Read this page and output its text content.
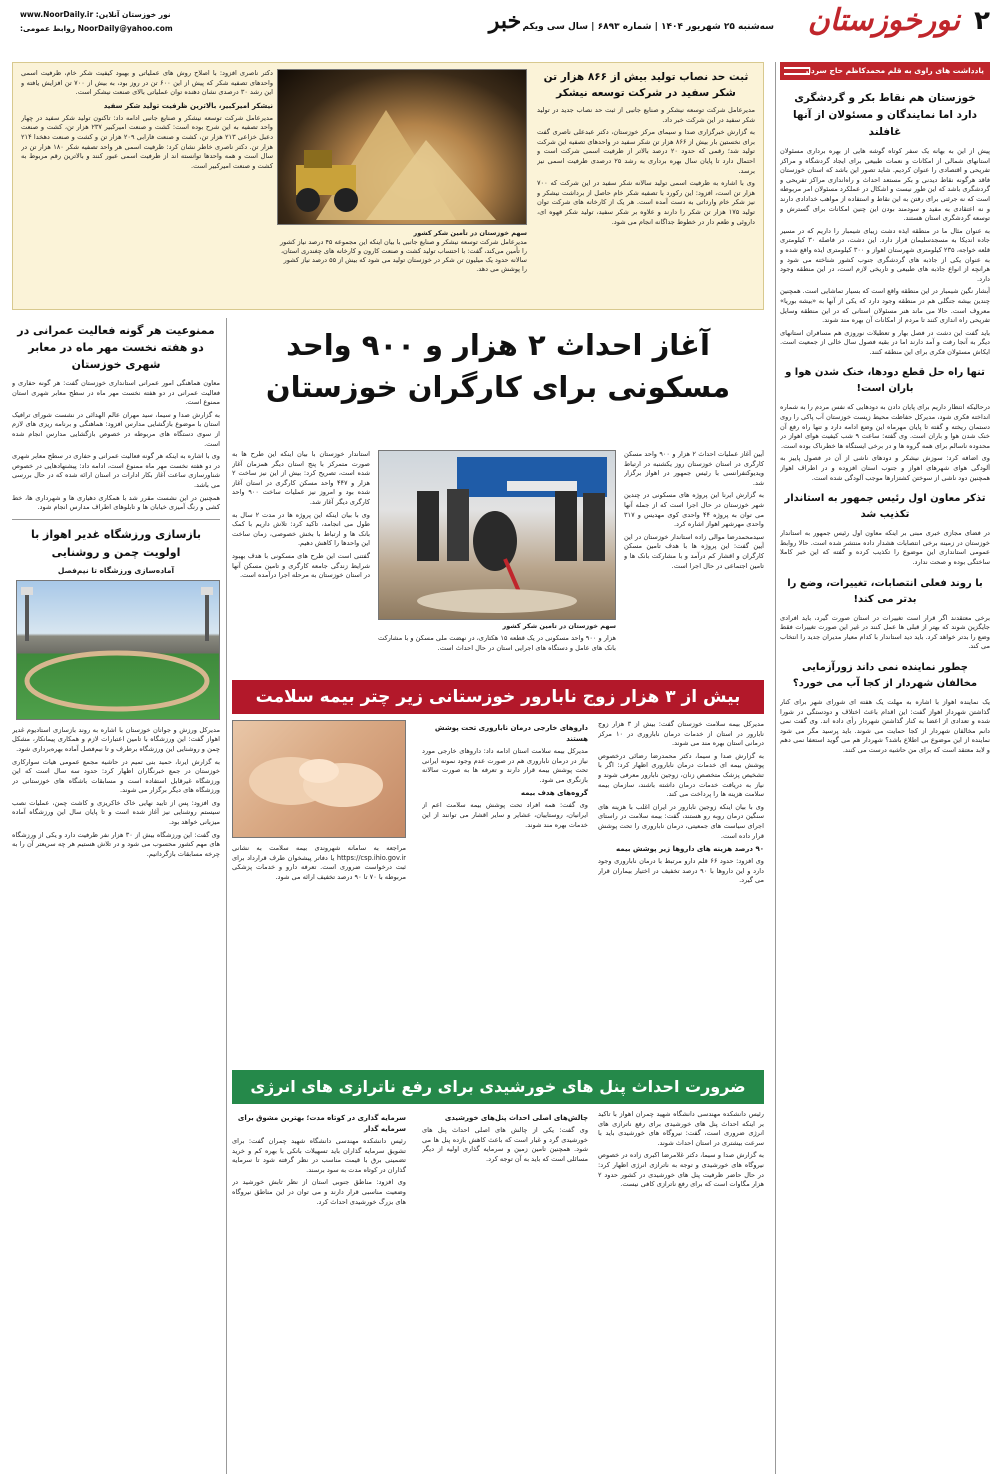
۲
نورخوزستان
سه‌شنبه ۲۵ شهریور ۱۴۰۴ | شماره ۶۸۹۳ | سال سی ویکم
خبر
نور خوزستان آنلاین: www.NoorDaily.ir
NoorDaily@yahoo.com روابط عمومی:
یادداشت های راوی به قلم محمدکاظم حاج سردار
خوزستان هم نقاط بکر و گردشگری دارد اما نمایندگان و مسئولان از آنها غافلند

پیش از این به بهانه یک سفر کوتاه گوشه هایی از بهره برداری مسئولان استانهای شمالی از امکانات و نعمات طبیعی برای ایجاد گردشگاه و مراکز تفریحی و اقتصادی را عنوان کردیم. شاید تصور این باشد که استان خوزستان فاقد هرگونه نقاط دیدنی و بکر مستعد احداث و راه‌اندازی مراکز تفریحی و گردشگری باشد که این طور نیست و اشکال در عملکرد مسئولان امر مربوطه است که نه جرئتی برای رفتن به این نقاط و استفاده از مواهب خدادادی دارند و نه اعتقادی به مفید و سودمند بودن این چنین امکانات برای گسترش و توسعه گردشگری استان هستند.

به عنوان مثال ما در منطقه ایذه دشت زیبای شیمبار را داریم که در مسیر جاده اندیکا به مسجدسلیمان قرار دارد. این دشت، در فاصله ۳۰ کیلومتری قلعه خواجه، ۲۳۵ کیلومتری شهرستان اهواز و ۳۰۰ کیلومتری ایذه واقع شده و به عنوان یکی از جاذبه های گردشگری جنوب کشور شناخته می شود و هرانچه از انواع جاذبه های طبیعی و تاریخی لازم است، در این منطقه وجود دارد.

آبشار نگین شیمبار در این منطقه واقع است که بسیار تماشایی است. همچنین چندین بیشه جنگلی هم در منطقه وجود دارد که یکی از آنها به «بیشه بوریا» معروف است. حالا می ماند هنر مسئولان استانی که در این منطقه وسایل تفریحی راه اندازی کنند تا مردم از امکانات آن بهره مند شوند.

باید گفت این دشت در فصل بهار و تعطیلات نوروزی هم مسافران استانهای دیگر به آنجا رفت و آمد دارند اما در بقیه فصول سال خالی از جمعیت است. ایکاش مسئولان فکری برای این منطقه کنند.

تنها راه حل قطع دودها، خنک شدن هوا و باران است!

درحالیکه انتظار داریم برای پایان دادن به دودهایی که نفس مردم را به شماره انداخته فکری شود، مدیرکل حفاظت محیط زیست خوزستان آب پاکی را روی دستمان ریخته و گفته تا پایان مهرماه این وضع ادامه دارد و تنها راه رفع آن خنک شدن هوا و باران است. وی گفته: ساعت ۹ شب کیفیت هوای اهواز در محدوده ناسالم برای همه گروه ها و در برخی ایستگاه ها خطرناک بوده است.

وی اضافه کرد: سوزش نیشکر و دودهای ناشی از آن در فصول پاییز به آلودگی هوای شهرهای اهواز و جنوب استان افزوده و در اطراف اهواز همچنین دود ناشی از سوختن کشتزارها موجب آلودگی شده است.

تذکر معاون اول رئیس جمهور به استاندار تکذیب شد

در فضای مجازی خبری مبنی بر اینکه معاون اول رئیس جمهور به استاندار خوزستان در زمینه برخی انتصابات هشدار داده منتشر شده است. حالا روابط عمومی استانداری این موضوع را تکذیب کرده و گفته که این خبر کاملا ساختگی بوده و صحت ندارد.

با روند فعلی انتصابات، تغییرات، وضع را بدتر می کند!

برخی معتقدند اگر قرار است تغییرات در استان صورت گیرد، باید افرادی جایگزین شوند که بهتر از قبلی ها عمل کنند در غیر این صورت تغییرات فقط وضع را بدتر خواهد کرد. باید دید استاندار با کدام معیار مدیران جدید را انتخاب می کند.

چطور نماینده نمی داند زورآزمایی مخالفان شهردار از کجا آب می خورد؟

یک نماینده اهواز با اشاره به مهلت یک هفته ای شورای شهر برای کنار گذاشتن شهردار اهواز گفت: این اقدام باعث اختلاف و دودستگی در شورا شده و تعدادی از اعضا به کنار گذاشتن شهردار رأی داده اند. وی گفت نمی دانم مخالفان شهردار از کجا حمایت می شوند. باید پرسید مگر می شود نماینده از این موضوع بی اطلاع باشد؟ شهردار هم می گوید استعفا نمی دهم و لابد معتقد است که برای من حاشیه درست می کنند.

ثبت حد نصاب تولید بیش از ۸۶۶ هزار تن شکر سفید در شرکت توسعه نیشکر

مدیرعامل شرکت توسعه نیشکر و صنایع جانبی از ثبت حد نصاب جدید در تولید شکر سفید در این شرکت خبر داد.

به گزارش خبرگزاری صدا و سیمای مرکز خوزستان، دکتر عبدعلی ناصری گفت برای نخستین بار بیش از ۸۶۶ هزار تن شکر سفید در واحدهای تصفیه این شرکت تولید شد؛ رقمی که حدود ۲۰ درصد بالاتر از ظرفیت اسمی شرکت است و احتمال دارد تا پایان سال بهره برداری به رشد ۲۵ درصدی ظرفیت اسمی نیز برسد.

وی با اشاره به ظرفیت اسمی تولید سالانه شکر سفید در این شرکت که ۷۰۰ هزار تن است، افزود: این رکورد با تصفیه شکر خام حاصل از برداشت نیشکر و نیز شکر خام وارداتی به دست آمده است. هر یک از کارخانه های شرکت توان تولید ۱۷۵ هزار تن شکر را دارند و علاوه بر شکر سفید، تولید شکر قهوه ای، داروئی و طعم دار در خطوط جداگانه انجام می شود.

سهم خوزستان در تأمین شکر کشور
مدیرعامل شرکت توسعه نیشکر و صنایع جانبی با بیان اینکه این مجموعه ۴۵ درصد نیاز کشور را تأمین می‌کند، گفت: با احتساب تولید کشت و صنعت کارون و کارخانه های چغندری استان، سالانه حدود یک میلیون تن شکر در خوزستان تولید می شود که بیش از ۵۵ درصد نیاز کشور را پوشش می دهد.

دکتر ناصری افزود: با اصلاح روش های عملیاتی و بهبود کیفیت شکر خام، ظرفیت اسمی واحدهای تصفیه شکر که پیش از این ۶۰۰ تن در روز بود، به بیش از ۷۰۰ تن افزایش یافته و این رشد ۳۰ درصدی نشان دهنده توان عملیاتی بالای صنعت نیشکر است.

نیشکر امیرکبیر، بالاترین ظرفیت تولید شکر سفید

مدیرعامل شرکت توسعه نیشکر و صنایع جانبی ادامه داد: تاکنون تولید شکر سفید در چهار واحد تصفیه به این شرح بوده است: کشت و صنعت امیرکبیر ۲۳۷ هزار تن، کشت و صنعت دعبل خزاعی ۲۱۳ هزار تن، کشت و صنعت فارابی ۲۰۹ هزار تن و کشت و صنعت دهخدا ۲۱۴ هزار تن. دکتر ناصری خاطر نشان کرد: ظرفیت اسمی هر واحد تصفیه شکر ۱۸۰ هزار تن در سال است و همه واحدها توانسته اند از ظرفیت اسمی عبور کنند و بالاترین رقم مربوط به کشت و صنعت امیرکبیر است.

ممنوعیت هر گونه فعالیت عمرانی در دو هفته نخست مهر ماه در معابر شهری خوزستان

معاون هماهنگی امور عمرانی استانداری خوزستان گفت: هر گونه حفاری و فعالیت عمرانی در دو هفته نخست مهر ماه در سطح معابر شهری استان ممنوع است.

به گزارش صدا و سیما، سید مهران عالم الهدائی در نشست شورای ترافیک استان با موضوع بازگشایی مدارس افزود: هماهنگی و برنامه ریزی های لازم از سوی دستگاه های مربوطه در خصوص بازگشایی مدارس انجام شده است.

وی با اشاره به اینکه هر گونه فعالیت عمرانی و حفاری در سطح معابر شهری در دو هفته نخست مهر ماه ممنوع است، ادامه داد: پیشنهادهایی در خصوص شناورسازی ساعت آغاز بکار ادارات در استان ارائه شده که در حال بررسی می باشد.

همچنین در این نشست مقرر شد با همکاری دهیاری ها و شهرداری ها، خط کشی و رنگ آمیزی خیابان ها و تابلوهای اطراف مدارس انجام شود.

بازسازی ورزشگاه غدیر اهواز با اولویت چمن و روشنایی
آماده‌سازی ورزشگاه تا نیم‌فصل

مدیرکل ورزش و جوانان خوزستان با اشاره به روند بازسازی استادیوم غدیر اهواز گفت: این ورزشگاه با تامین اعتبارات لازم و همکاری پیمانکار، مشکل چمن و روشنایی این ورزشگاه برطرف و تا نیم‌فصل آماده بهره‌برداری شود.

به گزارش ایرنا، حمید بنی تمیم در حاشیه مجمع عمومی هیات سوارکاری خوزستان در جمع خبرنگاران اظهار کرد: حدود سه سال است که این ورزشگاه غیرقابل استفاده است و مسابقات باشگاه های خوزستانی در ورزشگاه های دیگر برگزار می شوند.

وی افزود: پس از تایید نهایی خاک خاکریزی و کاشت چمن، عملیات نصب سیستم روشنایی نیز آغاز شده است و تا پایان سال این ورزشگاه آماده میزبانی خواهد بود.

وی گفت: این ورزشگاه بیش از ۳۰ هزار نفر ظرفیت دارد و یکی از ورزشگاه های مهم کشور محسوب می شود و در تلاش هستیم هر چه سریعتر آن را به چرخه مسابقات بازگردانیم.

آغاز احداث ۲ هزار و ۹۰۰ واحد مسکونی برای کارگران خوزستان

آیین آغاز عملیات احداث ۲ هزار و ۹۰۰ واحد مسکن کارگری در استان خوزستان روز یکشنبه در ارتباط ویدیوکنفرانسی با رئیس جمهور در اهواز برگزار شد.

به گزارش ایرنا این پروژه های مسکونی در چندین شهر خوزستان در حال اجرا است که از جمله آنها می توان به پروژه ۴۴ واحدی کوی مهدیس و ۳۱۷ واحدی مهرشهر اهواز اشاره کرد.

سیدمحمدرضا موالی زاده استاندار خوزستان در این آیین گفت: این پروژه ها با هدف تامین مسکن کارگران و اقشار کم درآمد و با مشارکت بانک ها و تامین اجتماعی در حال اجرا است.

سهم خوزستان در تامین شکر کشور

هزار و ۹۰۰ واحد مسکونی در یک قطعه ۱۵ هکتاری، در نهضت ملی مسکن و با مشارکت بانک های عامل و دستگاه های اجرایی استان در حال احداث است.

استاندار خوزستان با بیان اینکه این طرح ها به صورت متمرکز با پنج استان دیگر همزمان آغاز شده است، تصریح کرد: بیش از این نیز ساخت ۲ هزار و ۴۴۷ واحد مسکن کارگری در استان آغاز شده بود و امروز نیز عملیات ساخت ۹۰۰ واحد کارگری دیگر آغاز شد.

وی با بیان اینکه این پروژه ها در مدت ۲ سال به طول می انجامد، تاکید کرد: تلاش داریم با کمک بانک ها و ارتباط با بخش خصوصی، زمان ساخت این واحدها را کاهش دهیم.

گفتنی است این طرح های مسکونی با هدف بهبود شرایط زندگی جامعه کارگری و تامین مسکن آنها در استان خوزستان به مرحله اجرا درآمده است.

بیش از ۳ هزار زوج نابارور خوزستانی زیر چتر بیمه سلامت

مدیرکل بیمه سلامت خوزستان گفت: بیش از ۳ هزار زوج نابارور در استان از خدمات درمان ناباروری در ۱۰ مرکز درمانی استان بهره مند می شوند.

به گزارش صدا و سیما، دکتر محمدرضا رضائی درخصوص پوشش بیمه ای خدمات درمان ناباروری اظهار کرد: اگر با تشخیص پزشک متخصص زنان، زوجین نابارور معرفی شوند و نیاز به دریافت خدمات درمان داشته باشند، سازمان بیمه سلامت هزینه ها را پرداخت می کند.

وی با بیان اینکه زوجین نابارور در ایران اغلب با هزینه های سنگین درمان روبه رو هستند، گفت: بیمه سلامت در راستای اجرای سیاست های جمعیتی، درمان ناباروری را تحت پوشش قرار داده است.

۹۰ درصد هزینه های داروها زیر پوشش بیمه

وی افزود: حدود ۶۶ قلم دارو مرتبط با درمان ناباروری وجود دارد و این داروها با ۹۰ درصد تخفیف در اختیار بیماران قرار می گیرد.

داروهای خارجی درمان ناباروری تحت پوشش هستند

مدیرکل بیمه سلامت استان ادامه داد: داروهای خارجی مورد نیاز در درمان ناباروری هم در صورت عدم وجود نمونه ایرانی تحت پوشش بیمه قرار دارند و تعرفه ها به صورت سالانه بازنگری می شود.

گروه‌های هدف بیمه

وی گفت: همه افراد تحت پوشش بیمه سلامت اعم از ایرانیان، روستاییان، عشایر و سایر اقشار می توانند از این خدمات بهره مند شوند.

مراجعه به سامانه شهروندی بیمه سلامت به نشانی https://csp.ihio.gov.ir یا دفاتر پیشخوان طرف قرارداد برای ثبت درخواست ضروری است. تعرفه دارو و خدمات پزشکی مربوطه با ۷۰ تا ۹۰ درصد تخفیف ارائه می شود.

ضرورت احداث پنل های خورشیدی برای رفع ناترازی های انرژی

رئیس دانشکده مهندسی دانشگاه شهید چمران اهواز با تاکید بر اینکه احداث پنل های خورشیدی برای رفع ناترازی های انرژی ضروری است، گفت: نیروگاه های خورشیدی باید با سرعت بیشتری در استان احداث شوند.

به گزارش صدا و سیما، دکتر غلامرضا اکبری زاده در خصوص نیروگاه های خورشیدی و توجه به ناترازی انرژی اظهار کرد: در حال حاضر ظرفیت پنل های خورشیدی در کشور حدود ۲ هزار مگاوات است که برای رفع ناترازی کافی نیست.

چالش‌های اصلی احداث پنل‌های خورشیدی

وی گفت: یکی از چالش های اصلی احداث پنل های خورشیدی گرد و غبار است که باعث کاهش بازده پنل ها می شود. همچنین تامین زمین و سرمایه گذاری اولیه از دیگر مسائلی است که باید به آن توجه کرد.

سرمایه گذاری در کوتاه مدت؛ بهترین مشوق برای سرمایه گذار

رئیس دانشکده مهندسی دانشگاه شهید چمران گفت: برای تشویق سرمایه گذاران باید تسهیلات بانکی با بهره کم و خرید تضمینی برق با قیمت مناسب در نظر گرفته شود تا سرمایه گذاران در کوتاه مدت به سود برسند.

وی افزود: مناطق جنوبی استان از نظر تابش خورشید در وضعیت مناسبی قرار دارند و می توان در این مناطق نیروگاه های بزرگ خورشیدی احداث کرد.
